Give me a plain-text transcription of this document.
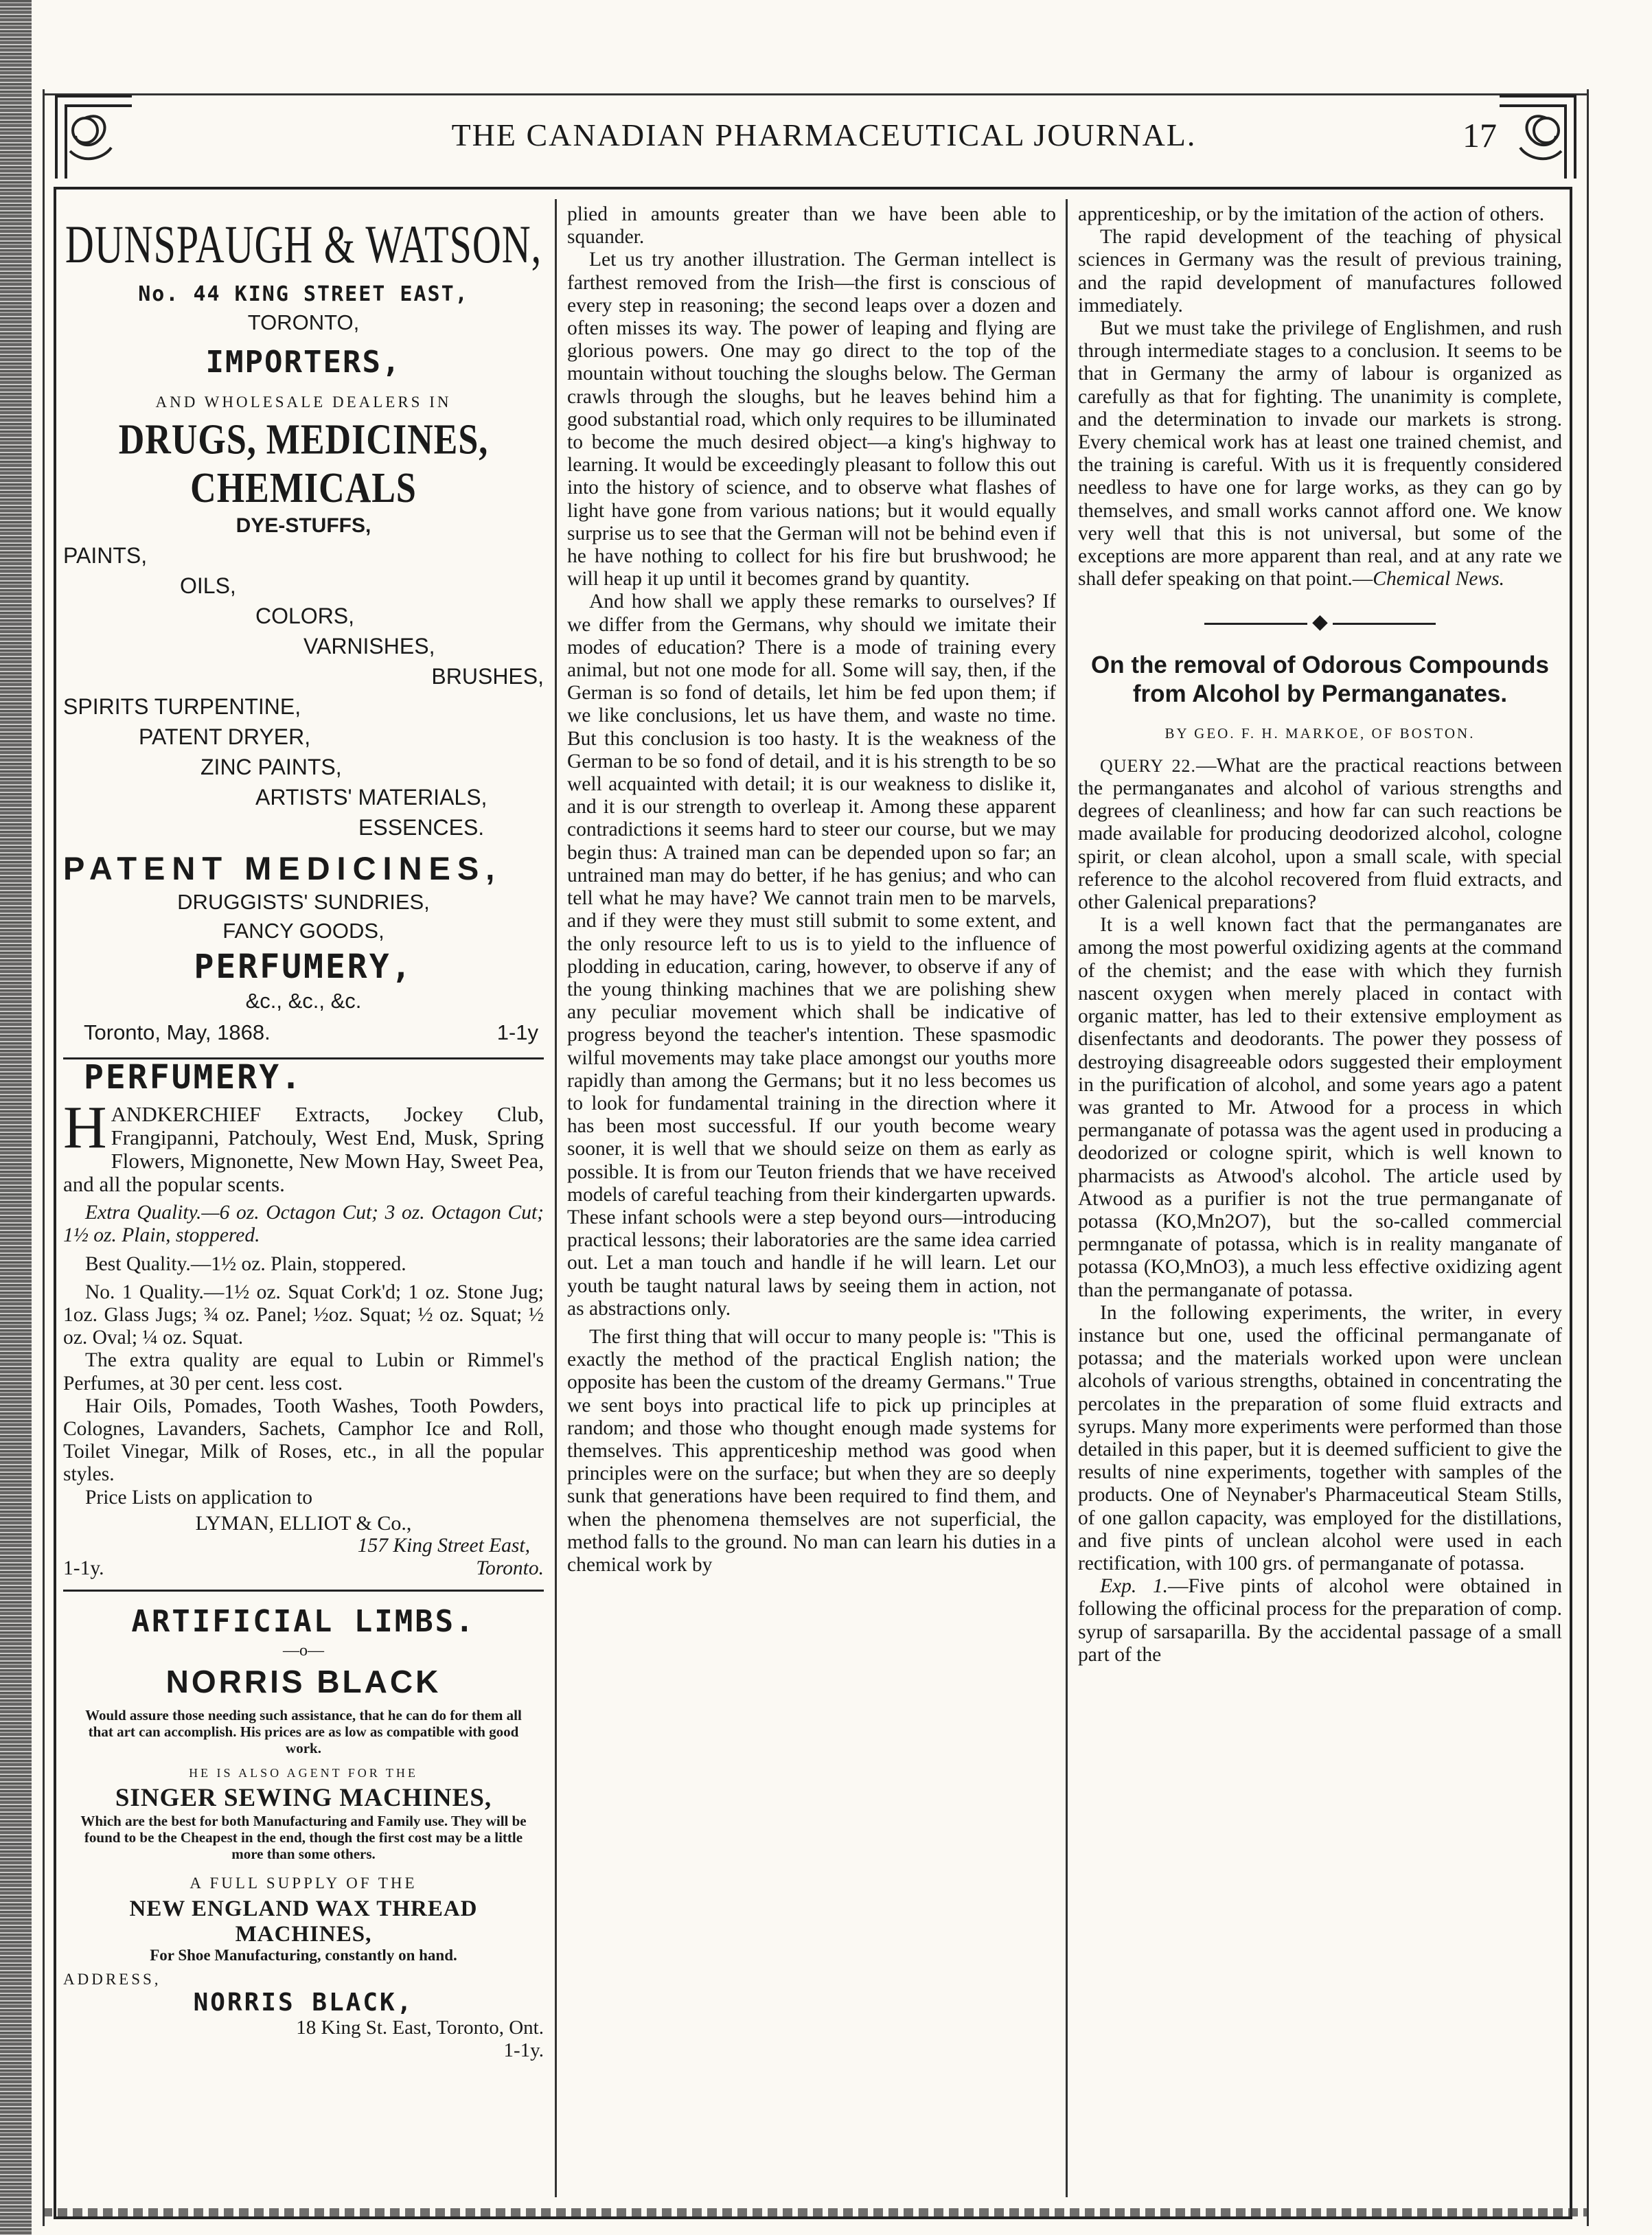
THE CANADIAN PHARMACEUTICAL JOURNAL.	17
DUNSPAUGH & WATSON,
No. 44 KING STREET EAST,
TORONTO,
IMPORTERS,
AND WHOLESALE DEALERS IN
DRUGS, MEDICINES, CHEMICALS
DYE-STUFFS,
PAINTS,
OILS,
COLORS,
VARNISHES,
BRUSHES,
SPIRITS TURPENTINE,
PATENT DRYER,
ZINC PAINTS,
ARTISTS' MATERIALS,
ESSENCES.
PATENT MEDICINES,
DRUGGISTS' SUNDRIES,
FANCY GOODS,
PERFUMERY,
&c., &c., &c.
Toronto, May, 1868.	1-1y
PERFUMERY.

HANDKERCHIEF Extracts, Jockey Club, Frangipanni, Patchouly, West End, Musk, Spring Flowers, Mignonette, New Mown Hay, Sweet Pea, and all the popular scents.

Extra Quality.—6 oz. Octagon Cut; 3 oz. Octagon Cut; 1½ oz. Plain, stoppered.

Best Quality.—1½ oz. Plain, stoppered.

No. 1 Quality.—1½ oz. Squat Cork'd; 1 oz. Stone Jug; 1oz. Glass Jugs; ¾ oz. Panel; ½oz. Squat; ½ oz. Squat; ½ oz. Oval; ¼ oz. Squat.

The extra quality are equal to Lubin or Rimmel's Perfumes, at 30 per cent. less cost.

Hair Oils, Pomades, Tooth Washes, Tooth Powders, Colognes, Lavanders, Sachets, Camphor Ice and Roll, Toilet Vinegar, Milk of Roses, etc., in all the popular styles.

Price Lists on application to

LYMAN, ELLIOT & Co.,
157 King Street East,
1-1y.	Toronto.
ARTIFICIAL LIMBS.
—o—
NORRIS BLACK
Would assure those needing such assistance, that he can do for them all that art can accomplish. His prices are as low as compatible with good work.
HE IS ALSO AGENT FOR THE
SINGER SEWING MACHINES,
Which are the best for both Manufacturing and Family use. They will be found to be the Cheapest in the end, though the first cost may be a little more than some others.
A FULL SUPPLY OF THE
NEW ENGLAND WAX THREAD MACHINES,
For Shoe Manufacturing, constantly on hand.
ADDRESS,
NORRIS BLACK,
18 King St. East, Toronto, Ont.
1-1y.

plied in amounts greater than we have been able to squander.

Let us try another illustration. The German intellect is farthest removed from the Irish—the first is conscious of every step in reasoning; the second leaps over a dozen and often misses its way. The power of leaping and flying are glorious powers. One may go direct to the top of the mountain without touching the sloughs below. The German crawls through the sloughs, but he leaves behind him a good substantial road, which only requires to be illuminated to become the much desired object—a king's highway to learning. It would be exceedingly pleasant to follow this out into the history of science, and to observe what flashes of light have gone from various nations; but it would equally surprise us to see that the German will not be behind even if he have nothing to collect for his fire but brushwood; he will heap it up until it becomes grand by quantity.

And how shall we apply these remarks to ourselves? If we differ from the Germans, why should we imitate their modes of education? There is a mode of training every animal, but not one mode for all. Some will say, then, if the German is so fond of details, let him be fed upon them; if we like conclusions, let us have them, and waste no time. But this conclusion is too hasty. It is the weakness of the German to be so fond of detail, and it is his strength to be so well acquainted with detail; it is our weakness to dislike it, and it is our strength to overleap it. Among these apparent contradictions it seems hard to steer our course, but we may begin thus: A trained man can be depended upon so far; an untrained man may do better, if he has genius; and who can tell what he may have? We cannot train men to be marvels, and if they were they must still submit to some extent, and the only resource left to us is to yield to the influence of plodding in education, caring, however, to observe if any of the young thinking machines that we are polishing shew any peculiar movement which shall be indicative of progress beyond the teacher's intention. These spasmodic wilful movements may take place amongst our youths more rapidly than among the Germans; but it no less becomes us to look for fundamental training in the direction where it has been most successful. If our youth become weary sooner, it is well that we should seize on them as early as possible. It is from our Teuton friends that we have received models of careful teaching from their kindergarten upwards. These infant schools were a step beyond ours—introducing practical lessons; their laboratories are the same idea carried out. Let a man touch and handle if he will learn. Let our youth be taught natural laws by seeing them in action, not as abstractions only.

The first thing that will occur to many people is: "This is exactly the method of the practical English nation; the opposite has been the custom of the dreamy Germans." True we sent boys into practical life to pick up principles at random; and those who thought enough made systems for themselves. This apprenticeship method was good when principles were on the surface; but when they are so deeply sunk that generations have been required to find them, and when the phenomena themselves are not superficial, the method falls to the ground. No man can learn his duties in a chemical work by

apprenticeship, or by the imitation of the action of others.

The rapid development of the teaching of physical sciences in Germany was the result of previous training, and the rapid development of manufactures followed immediately.

But we must take the privilege of Englishmen, and rush through intermediate stages to a conclusion. It seems to be that in Germany the army of labour is organized as carefully as that for fighting. The unanimity is complete, and the determination to invade our markets is strong. Every chemical work has at least one trained chemist, and the training is careful. With us it is frequently considered needless to have one for large works, as they can go by themselves, and small works cannot afford one. We know very well that this is not universal, but some of the exceptions are more apparent than real, and at any rate we shall defer speaking on that point.—Chemical News.

◆
On the removal of Odorous Compounds from Alcohol by Permanganates.
BY GEO. F. H. MARKOE, OF BOSTON.

QUERY 22.—What are the practical reactions between the permanganates and alcohol of various strengths and degrees of cleanliness; and how far can such reactions be made available for producing deodorized alcohol, cologne spirit, or clean alcohol, upon a small scale, with special reference to the alcohol recovered from fluid extracts, and other Galenical preparations?

It is a well known fact that the permanganates are among the most powerful oxidizing agents at the command of the chemist; and the ease with which they furnish nascent oxygen when merely placed in contact with organic matter, has led to their extensive employment as disenfectants and deodorants. The power they possess of destroying disagreeable odors suggested their employment in the purification of alcohol, and some years ago a patent was granted to Mr. Atwood for a process in which permanganate of potassa was the agent used in producing a deodorized or cologne spirit, which is well known to pharmacists as Atwood's alcohol. The article used by Atwood as a purifier is not the true permanganate of potassa (KO,Mn2O7), but the so-called commercial permnganate of potassa, which is in reality manganate of potassa (KO,MnO3), a much less effective oxidizing agent than the permanganate of potassa.

In the following experiments, the writer, in every instance but one, used the officinal permanganate of potassa; and the materials worked upon were unclean alcohols of various strengths, obtained in concentrating the percolates in the preparation of some fluid extracts and syrups. Many more experiments were performed than those detailed in this paper, but it is deemed sufficient to give the results of nine experiments, together with samples of the products. One of Neynaber's Pharmaceutical Steam Stills, of one gallon capacity, was employed for the distillations, and five pints of unclean alcohol were used in each rectification, with 100 grs. of permanganate of potassa.

Exp. 1.—Five pints of alcohol were obtained in following the officinal process for the preparation of comp. syrup of sarsaparilla. By the accidental passage of a small part of the
